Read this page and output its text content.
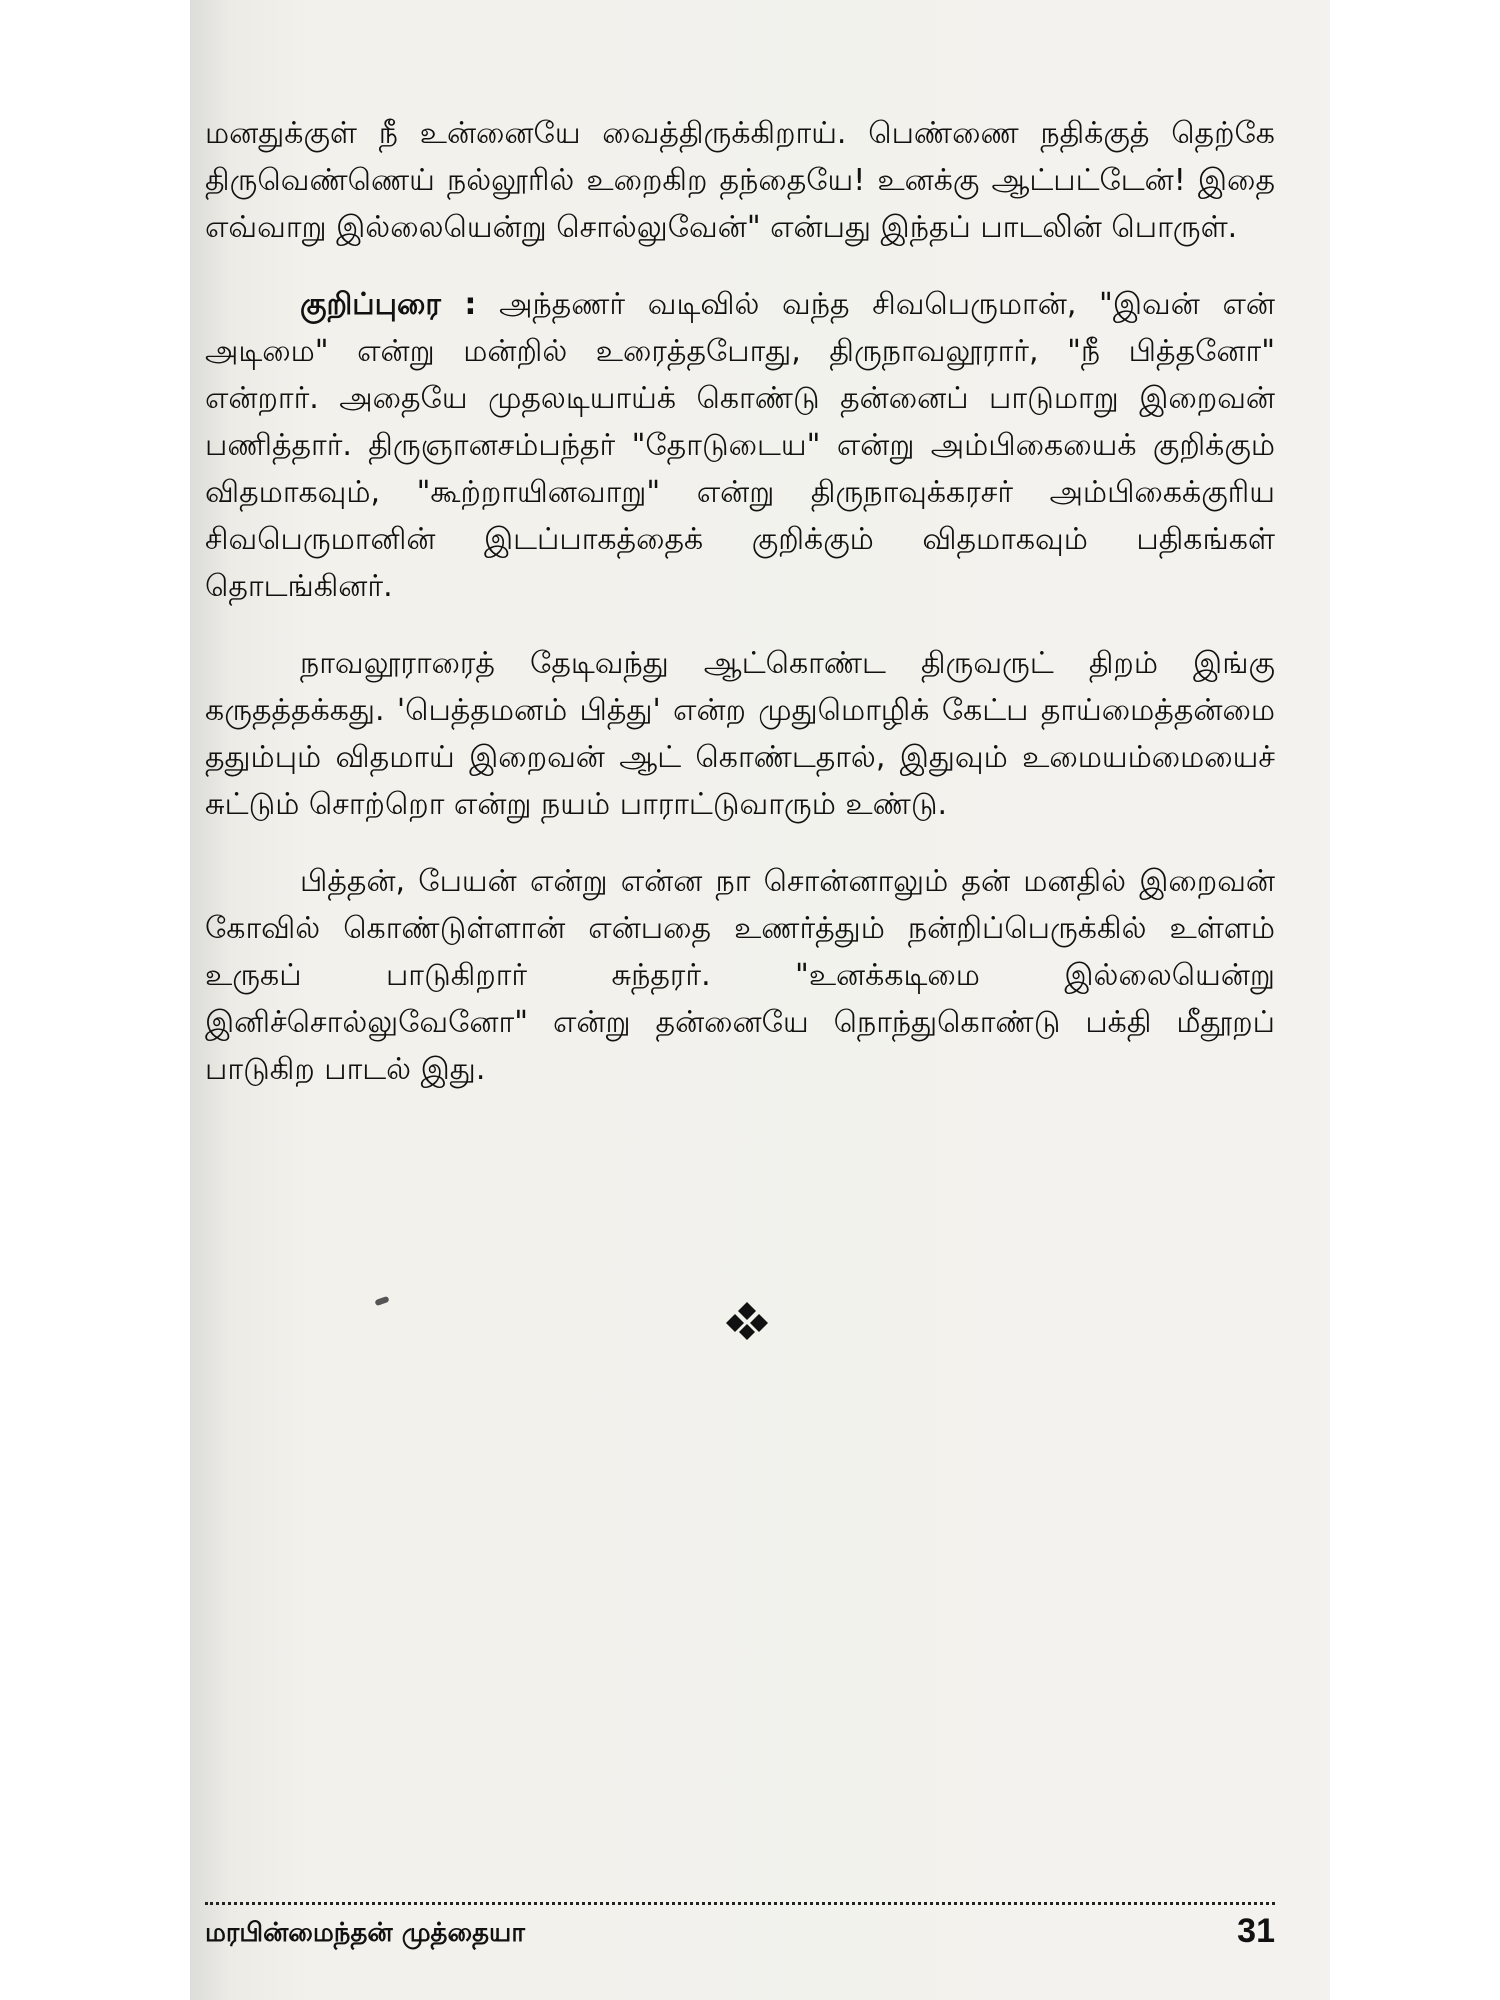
மனதுக்குள் நீ உன்னையே வைத்திருக்கிறாய். பெண்ணை நதிக்குத் தெற்கே திருவெண்ணெய் நல்லூரில் உறைகிற தந்தையே! உனக்கு ஆட்பட்டேன்! இதை எவ்வாறு இல்லையென்று சொல்லுவேன்" என்பது இந்தப் பாடலின் பொருள்.

குறிப்புரை : அந்தணர் வடிவில் வந்த சிவபெருமான், "இவன் என் அடிமை" என்று மன்றில் உரைத்தபோது, திருநாவலூரார், "நீ பித்தனோ" என்றார். அதையே முதலடியாய்க் கொண்டு தன்னைப் பாடுமாறு இறைவன் பணித்தார். திருஞானசம்பந்தர் "தோடுடைய" என்று அம்பிகையைக் குறிக்கும் விதமாகவும், "கூற்றாயினவாறு" என்று திருநாவுக்கரசர் அம்பிகைக்குரிய சிவபெருமானின் இடப்பாகத்தைக் குறிக்கும் விதமாகவும் பதிகங்கள் தொடங்கினர்.

நாவலூராரைத் தேடிவந்து ஆட்கொண்ட திருவருட் திறம் இங்கு கருதத்தக்கது. 'பெத்தமனம் பித்து' என்ற முதுமொழிக் கேட்ப தாய்மைத்தன்மை ததும்பும் விதமாய் இறைவன் ஆட் கொண்டதால், இதுவும் உமையம்மையைச் சுட்டும் சொற்றொ என்று நயம் பாராட்டுவாரும் உண்டு.

பித்தன், பேயன் என்று என்ன நா சொன்னாலும் தன் மனதில் இறைவன் கோவில் கொண்டுள்ளான் என்பதை உணர்த்தும் நன்றிப்பெருக்கில் உள்ளம் உருகப் பாடுகிறார் சுந்தரர். "உனக்கடிமை இல்லையென்று இனிச்சொல்லுவேனோ" என்று தன்னையே நொந்துகொண்டு பக்தி மீதூறப் பாடுகிற பாடல் இது.

மரபின்மைந்தன் முத்தையா	31
